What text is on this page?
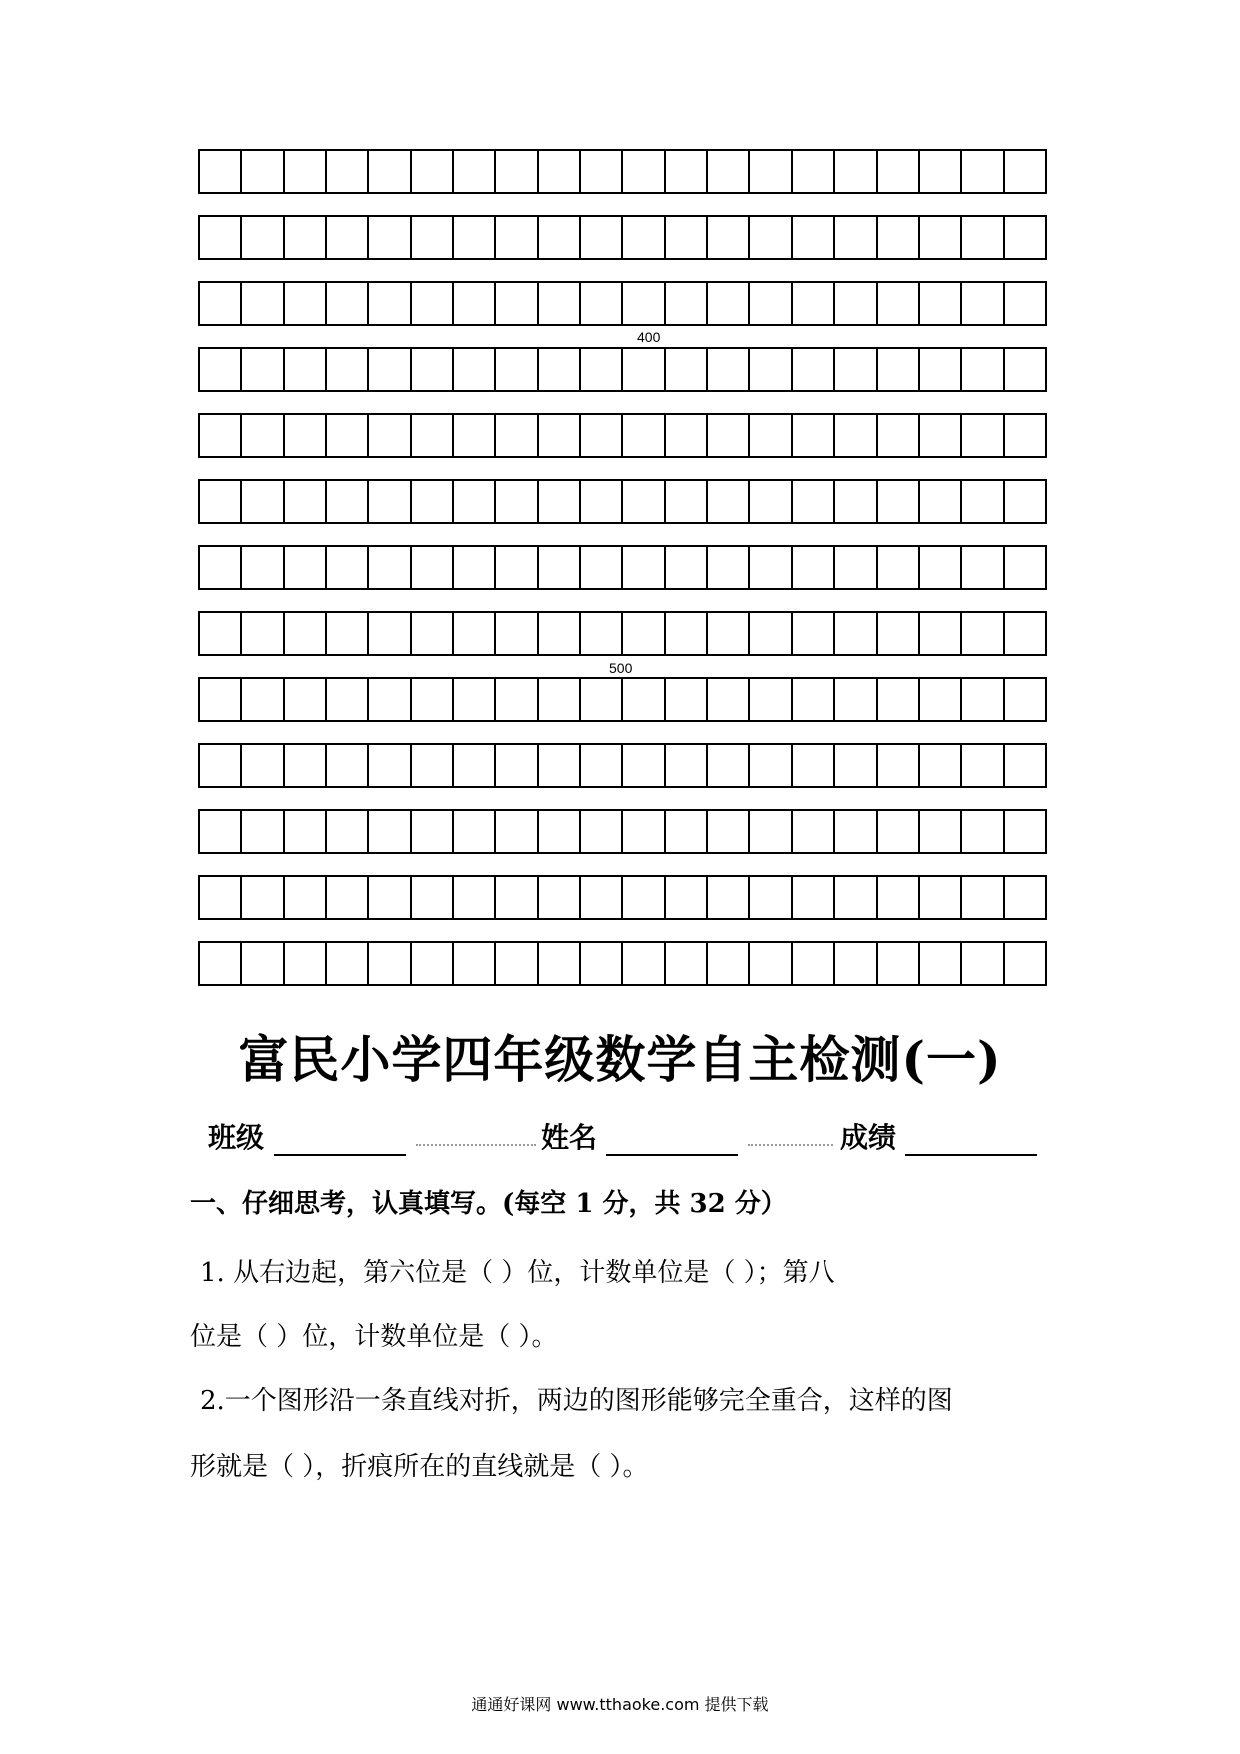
400
500
富民小学四年级数学自主检测(一)
班级	姓名	成绩

一、仔细思考，认真填写。(每空 1 分，共 32 分）

1. 从右边起，第六位是（ ）位，计数单位是（ ）；第八

位是（ ）位，计数单位是（ ）。

2.一个图形沿一条直线对折，两边的图形能够完全重合，这样的图

形就是（ ），折痕所在的直线就是（ ）。

通通好课网 www.tthaoke.com 提供下载
